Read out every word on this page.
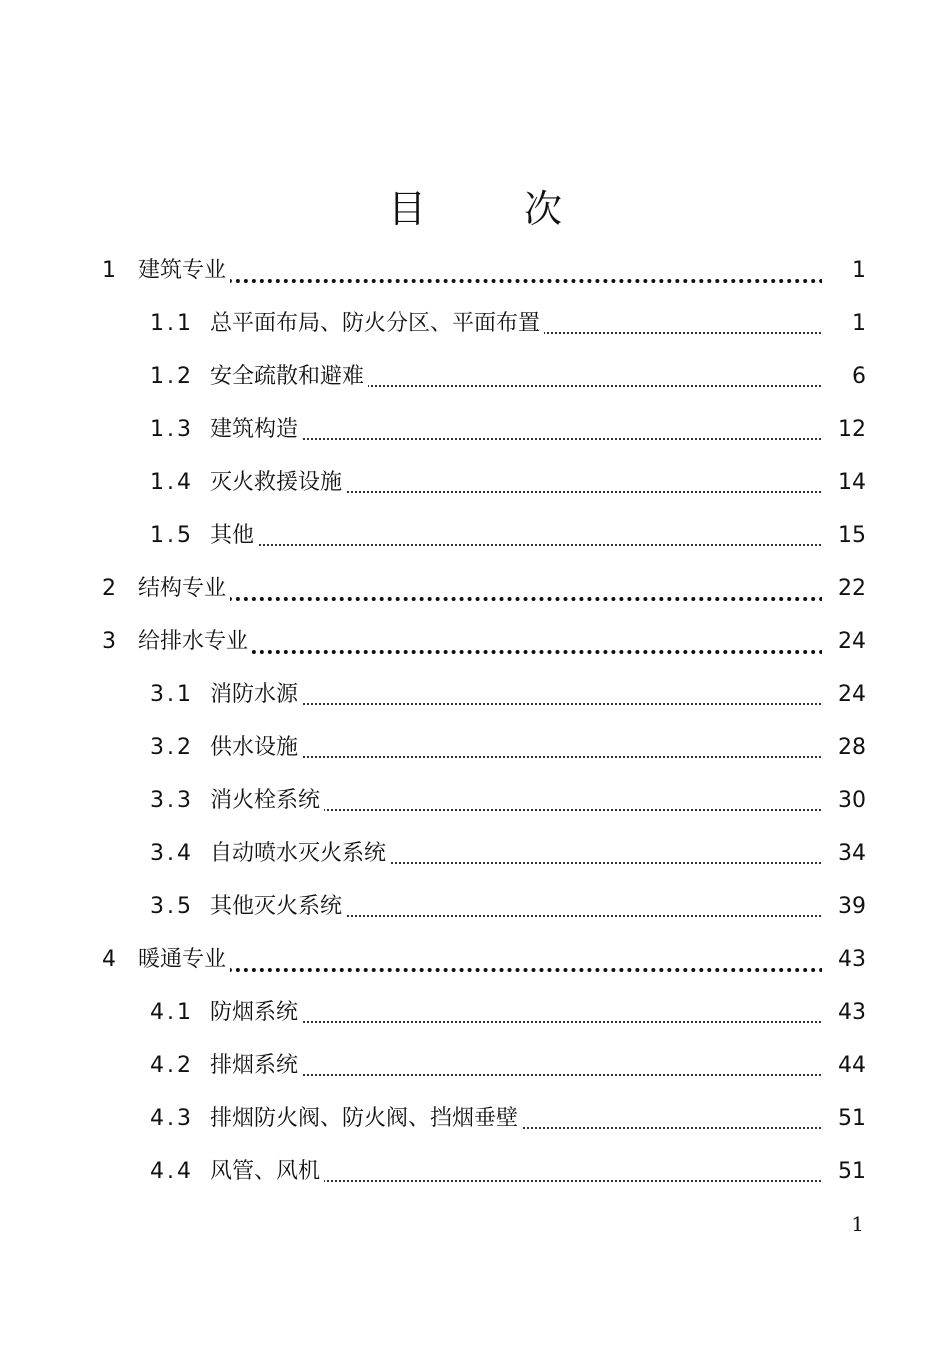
目　次
1 建筑专业	1
1.1 总平面布局、防火分区、平面布置	1
1.2 安全疏散和避难	6
1.3 建筑构造	12
1.4 灭火救援设施	14
1.5 其他	15
2 结构专业	22
3 给排水专业	24
3.1 消防水源	24
3.2 供水设施	28
3.3 消火栓系统	30
3.4 自动喷水灭火系统	34
3.5 其他灭火系统	39
4 暖通专业	43
4.1 防烟系统	43
4.2 排烟系统	44
4.3 排烟防火阀、防火阀、挡烟垂壁	51
4.4 风管、风机	51
1
